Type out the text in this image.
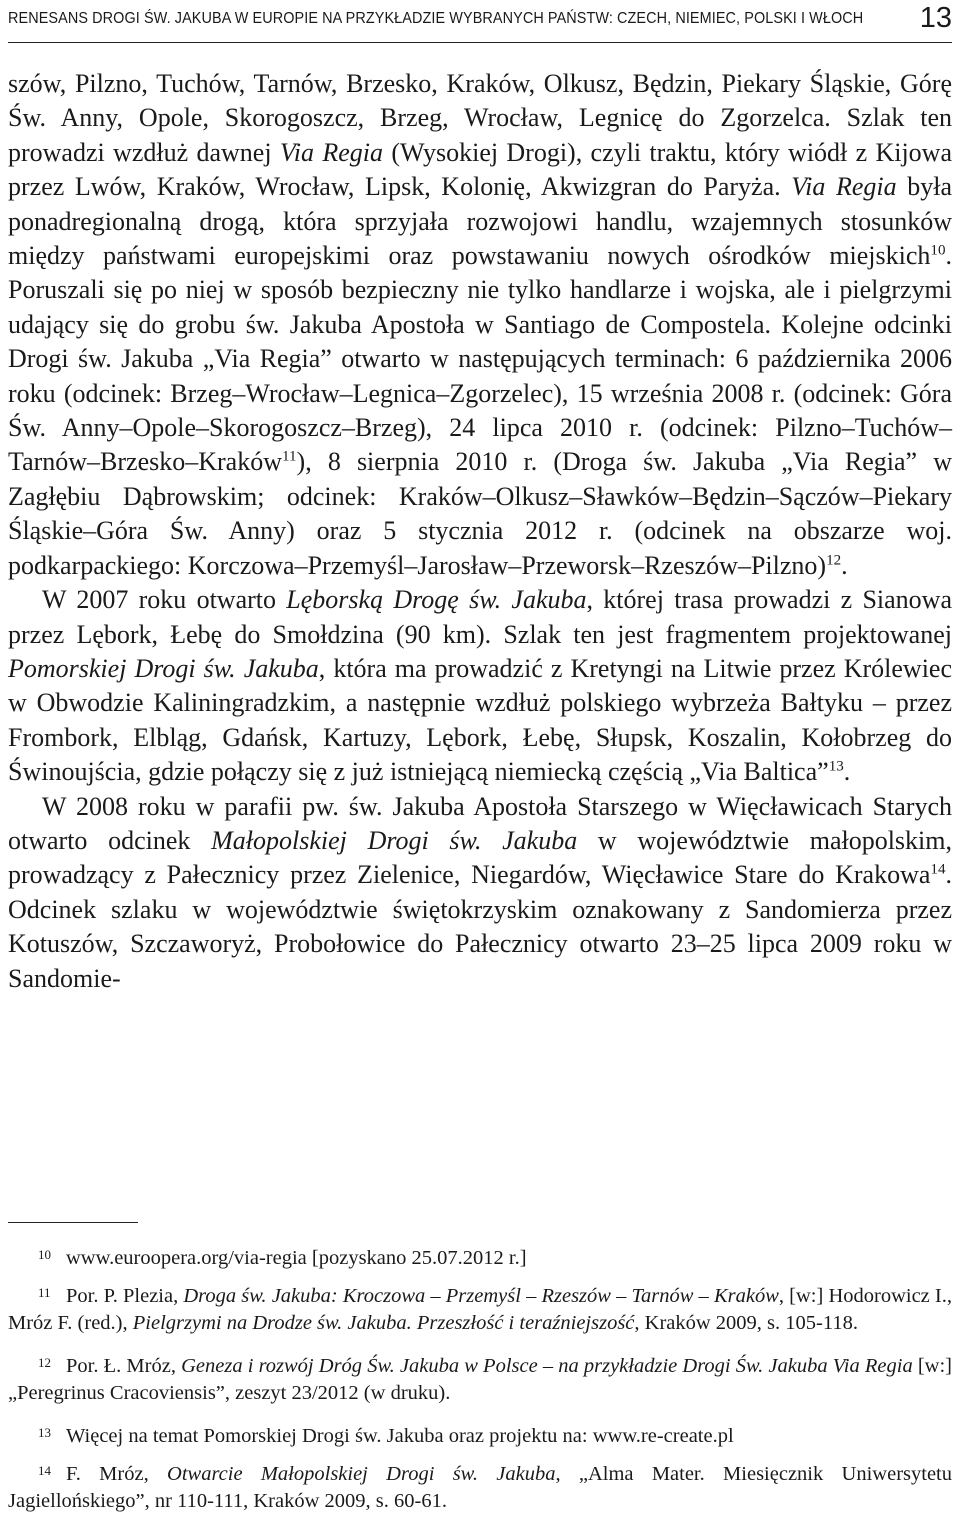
RENESANS DROGI ŚW. JAKUBA W EUROPIE NA PRZYKŁADZIE WYBRANYCH PAŃSTW: CZECH, NIEMIEC, POLSKI I WŁOCH 13

szów, Pilzno, Tuchów, Tarnów, Brzesko, Kraków, Olkusz, Będzin, Piekary Śląskie, Górę Św. Anny, Opole, Skorogoszcz, Brzeg, Wrocław, Legnicę do Zgorzelca. Szlak ten prowadzi wzdłuż dawnej Via Regia (Wysokiej Drogi), czyli traktu, który wiódł z Kijowa przez Lwów, Kraków, Wrocław, Lipsk, Kolonię, Akwizgran do Paryża. Via Regia była ponadregionalną drogą, która sprzyjała rozwojowi handlu, wzajemnych stosunków między państwami europejskimi oraz powstawaniu nowych ośrodków miejskich$^{10}$. Poruszali się po niej w sposób bezpieczny nie tylko handlarze i wojska, ale i pielgrzymi udający się do grobu św. Jakuba Apostoła w Santiago de Compostela. Kolejne odcinki Drogi św. Jakuba „Via Regia” otwarto w następujących terminach: 6 października 2006 roku (odcinek: Brzeg–Wrocław–Legnica–Zgorzelec), 15 września 2008 r. (odcinek: Góra Św. Anny–Opole–Skorogoszcz–Brzeg), 24 lipca 2010 r. (odcinek: Pilzno–Tuchów–Tarnów–Brzesko–Kraków$^{11}$), 8 sierpnia 2010 r. (Droga św. Jakuba „Via Regia” w Zagłębiu Dąbrowskim; odcinek: Kraków–Olkusz–Sławków–Będzin–Sączów–Piekary Śląskie–Góra Św. Anny) oraz 5 stycznia 2012 r. (odcinek na obszarze woj. podkarpackiego: Korczowa–Przemyśl–Jarosław–Przeworsk–Rzeszów–Pilzno)$^{12}$.

W 2007 roku otwarto Lęborską Drogę św. Jakuba, której trasa prowadzi z Sianowa przez Lębork, Łebę do Smołdzina (90 km). Szlak ten jest fragmentem projektowanej Pomorskiej Drogi św. Jakuba, która ma prowadzić z Kretyngi na Litwie przez Królewiec w Obwodzie Kaliningradzkim, a następnie wzdłuż polskiego wybrzeża Bałtyku – przez Frombork, Elbląg, Gdańsk, Kartuzy, Lębork, Łebę, Słupsk, Koszalin, Kołobrzeg do Świnoujścia, gdzie połączy się z już istniejącą niemiecką częścią „Via Baltica”$^{13}$.

W 2008 roku w parafii pw. św. Jakuba Apostoła Starszego w Więcławicach Starych otwarto odcinek Małopolskiej Drogi św. Jakuba w województwie małopolskim, prowadzący z Pałecznicy przez Zielenice, Niegardów, Więcławice Stare do Krakowa$^{14}$. Odcinek szlaku w województwie świętokrzyskim oznakowany z Sandomierza przez Kotuszów, Szczaworyż, Probołowice do Pałecznicy otwarto 23–25 lipca 2009 roku w Sandomie-

10 www.euroopera.org/via-regia [pozyskano 25.07.2012 r.]

11 Por. P. Plezia, Droga św. Jakuba: Kroczowa – Przemyśl – Rzeszów – Tarnów – Kraków, [w:] Hodorowicz I., Mróz F. (red.), Pielgrzymi na Drodze św. Jakuba. Przeszłość i teraźniejszość, Kraków 2009, s. 105-118.

12 Por. Ł. Mróz, Geneza i rozwój Dróg Św. Jakuba w Polsce – na przykładzie Drogi Św. Jakuba Via Regia [w:] „Peregrinus Cracoviensis”, zeszyt 23/2012 (w druku).

13 Więcej na temat Pomorskiej Drogi św. Jakuba oraz projektu na: www.re-create.pl

14 F. Mróz, Otwarcie Małopolskiej Drogi św. Jakuba, „Alma Mater. Miesięcznik Uniwersytetu Jagiellońskiego”, nr 110-111, Kraków 2009, s. 60-61.
